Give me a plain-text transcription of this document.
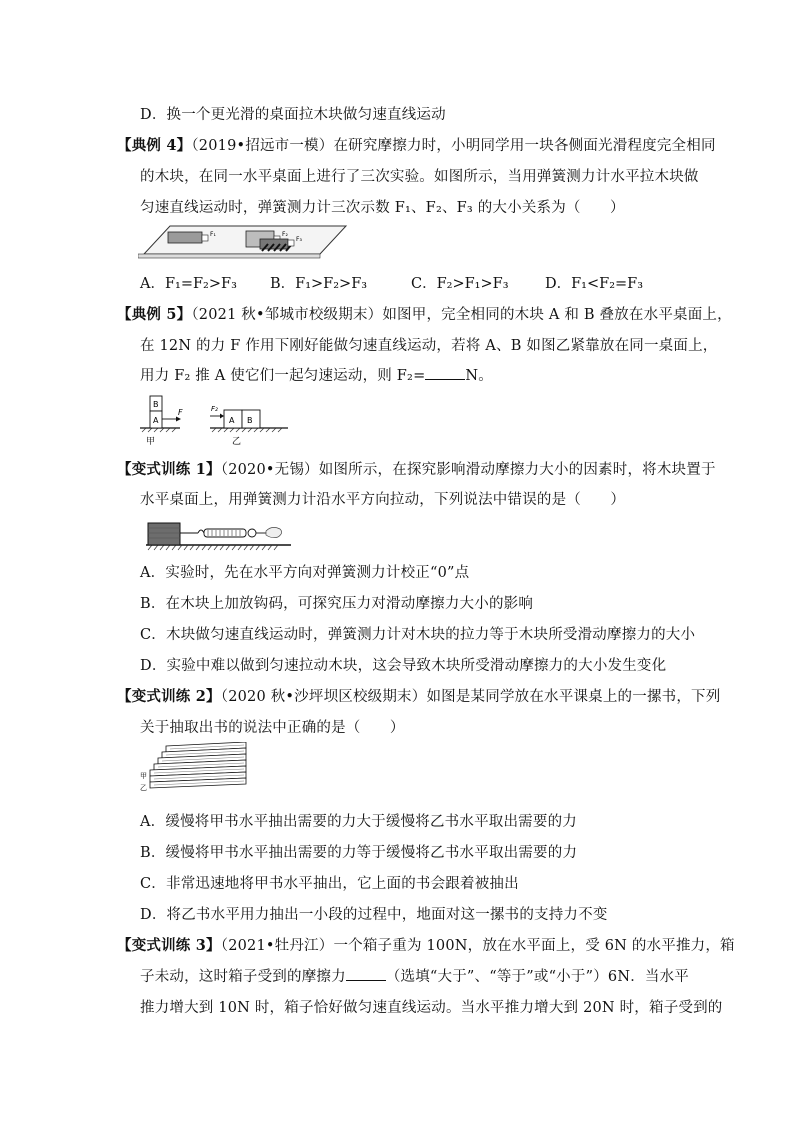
D．换一个更光滑的桌面拉木块做匀速直线运动
【典例 4】（2019•招远市一模）在研究摩擦力时，小明同学用一块各侧面光滑程度完全相同
的木块，在同一水平桌面上进行了三次实验。如图所示，当用弹簧测力计水平拉木块做
匀速直线运动时，弹簧测力计三次示数 F₁、F₂、F₃ 的大小关系为（　　）
F₁	F₂
F₃
A．F₁=F₂>F₃ B．F₁>F₂>F₃	C．F₂>F₁>F₃	D．F₁<F₂=F₃
【典例 5】（2021 秋•邹城市校级期末）如图甲，完全相同的木块 A 和 B 叠放在水平桌面上，
在 12N 的力 F 作用下刚好能做匀速直线运动，若将 A、B 如图乙紧靠放在同一桌面上，
用力 F₂ 推 A 使它们一起匀速运动，则 F₂=	N。
B
A
F
甲
A B
F₂
乙
【变式训练 1】（2020•无锡）如图所示，在探究影响滑动摩擦力大小的因素时，将木块置于
水平桌面上，用弹簧测力计沿水平方向拉动，下列说法中错误的是（　　）
A．实验时，先在水平方向对弹簧测力计校正“0”点
B．在木块上加放钩码，可探究压力对滑动摩擦力大小的影响
C．木块做匀速直线运动时，弹簧测力计对木块的拉力等于木块所受滑动摩擦力的大小
D．实验中难以做到匀速拉动木块，这会导致木块所受滑动摩擦力的大小发生变化
【变式训练 2】（2020 秋•沙坪坝区校级期末）如图是某同学放在水平课桌上的一摞书，下列
关于抽取出书的说法中正确的是（　　）
甲
乙
A．缓慢将甲书水平抽出需要的力大于缓慢将乙书水平取出需要的力
B．缓慢将甲书水平抽出需要的力等于缓慢将乙书水平取出需要的力
C．非常迅速地将甲书水平抽出，它上面的书会跟着被抽出
D．将乙书水平用力抽出一小段的过程中，地面对这一摞书的支持力不变
【变式训练 3】（2021•牡丹江）一个箱子重为 100N，放在水平面上，受 6N 的水平推力，箱
子未动，这时箱子受到的摩擦力	（选填“大于”、“等于”或“小于”）6N．当水平
推力增大到 10N 时，箱子恰好做匀速直线运动。当水平推力增大到 20N 时，箱子受到的
